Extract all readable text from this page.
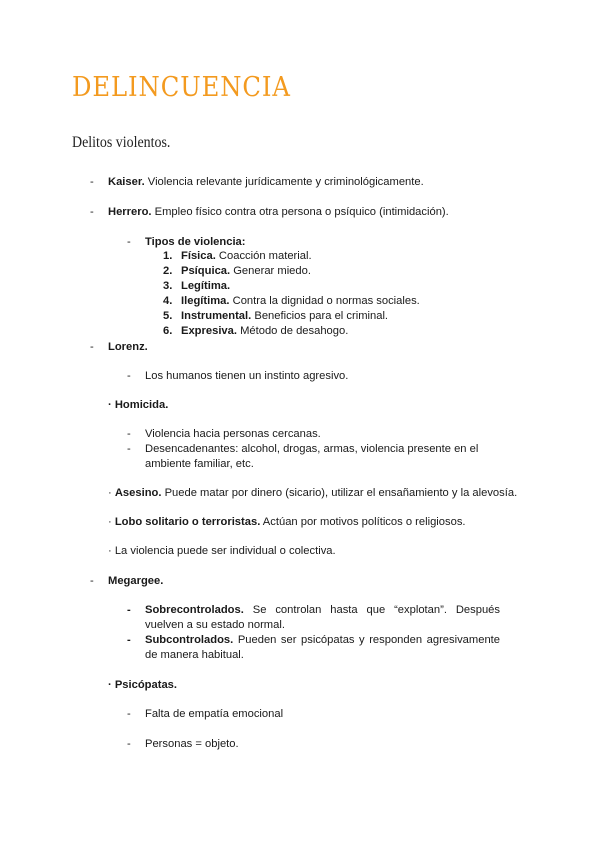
DELINCUENCIA
Delitos violentos.
- Kaiser. Violencia relevante jurídicamente y criminológicamente.
- Herrero. Empleo físico contra otra persona o psíquico (intimidación).
- Tipos de violencia:
1. Física. Coacción material.
2. Psíquica. Generar miedo.
3. Legítima.
4. Ilegítima. Contra la dignidad o normas sociales.
5. Instrumental. Beneficios para el criminal.
6. Expresiva. Método de desahogo.
- Lorenz.
- Los humanos tienen un instinto agresivo.
· Homicida.
- Violencia hacia personas cercanas.
- Desencadenantes: alcohol, drogas, armas, violencia presente en el ambiente familiar, etc.
· Asesino. Puede matar por dinero (sicario), utilizar el ensañamiento y la alevosía.
· Lobo solitario o terroristas. Actúan por motivos políticos o religiosos.
· La violencia puede ser individual o colectiva.
- Megargee.
- Sobrecontrolados. Se controlan hasta que “explotan”. Después vuelven a su estado normal.
- Subcontrolados. Pueden ser psicópatas y responden agresivamente de manera habitual.
· Psicópatas.
- Falta de empatía emocional
- Personas = objeto.
